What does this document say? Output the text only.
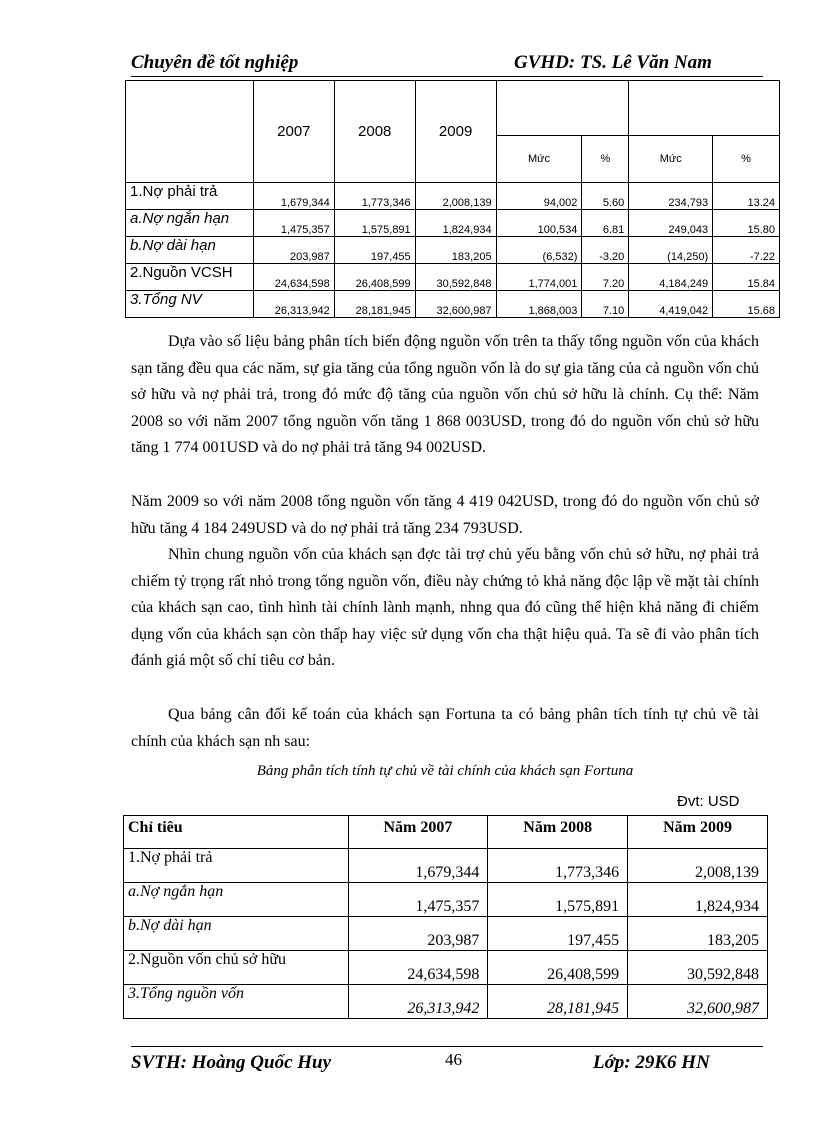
Chuyên đề tốt nghiệp	GVHD: TS. Lê Văn Nam
	2007	2008	2009				
				Mức	%	Mức	%
1.Nợ phải trả	1,679,344	1,773,346	2,008,139	94,002	5.60	234,793	13.24
a.Nợ ngắn hạn	1,475,357	1,575,891	1,824,934	100,534	6.81	249,043	15.80
b.Nợ dài hạn	203,987	197,455	183,205	(6,532)	-3.20	(14,250)	-7.22
2.Nguồn VCSH	24,634,598	26,408,599	30,592,848	1,774,001	7.20	4,184,249	15.84
3.Tổng NV	26,313,942	28,181,945	32,600,987	1,868,003	7.10	4,419,042	15.68
Dựa vào số liệu bảng phân tích biến động nguồn vốn trên ta thấy tổng nguồn vốn của khách sạn tăng đều qua các năm, sự gia tăng của tổng nguồn vốn là do sự gia tăng của cả nguồn vốn chủ sở hữu và nợ phải trả, trong đó mức độ tăng của nguồn vốn chủ sở hữu là chính. Cụ thể: Năm 2008 so với năm 2007 tổng nguồn vốn tăng 1 868 003USD, trong đó do nguồn vốn chủ sở hữu tăng 1 774 001USD và do nợ phải trả tăng 94 002USD.
Năm 2009 so với năm 2008 tổng nguồn vốn tăng 4 419 042USD, trong đó do nguồn vốn chủ sở hữu tăng 4 184 249USD và do nợ phải trả tăng 234 793USD.
Nhìn chung nguồn vốn của khách sạn đợc tài trợ chủ yếu bằng vốn chủ sở hữu, nợ phải trả chiếm tỷ trọng rất nhỏ trong tổng nguồn vốn, điều này chứng tỏ khả năng độc lập về mặt tài chính của khách sạn cao, tình hình tài chính lành mạnh, nhng qua đó cũng thể hiện khả năng đi chiếm dụng vốn của khách sạn còn thấp hay việc sử dụng vốn cha thật hiệu quả. Ta sẽ đi vào phân tích đánh giá một số chỉ tiêu cơ bản.
Qua bảng cân đối kế toán của khách sạn Fortuna ta có bảng phân tích tính tự chủ về tài chính của khách sạn nh sau:
Bảng phân tích tính tự chủ về tài chính của khách sạn Fortuna
Đvt: USD
Chỉ tiêu	Năm 2007	Năm 2008	Năm 2009
1.Nợ phải trả	1,679,344	1,773,346	2,008,139
a.Nợ ngắn hạn	1,475,357	1,575,891	1,824,934
b.Nợ dài hạn	203,987	197,455	183,205
2.Nguồn vốn chủ sở hữu	24,634,598	26,408,599	30,592,848
3.Tổng nguồn vốn	26,313,942	28,181,945	32,600,987
SVTH: Hoàng Quốc Huy	46	Lớp: 29K6 HN
